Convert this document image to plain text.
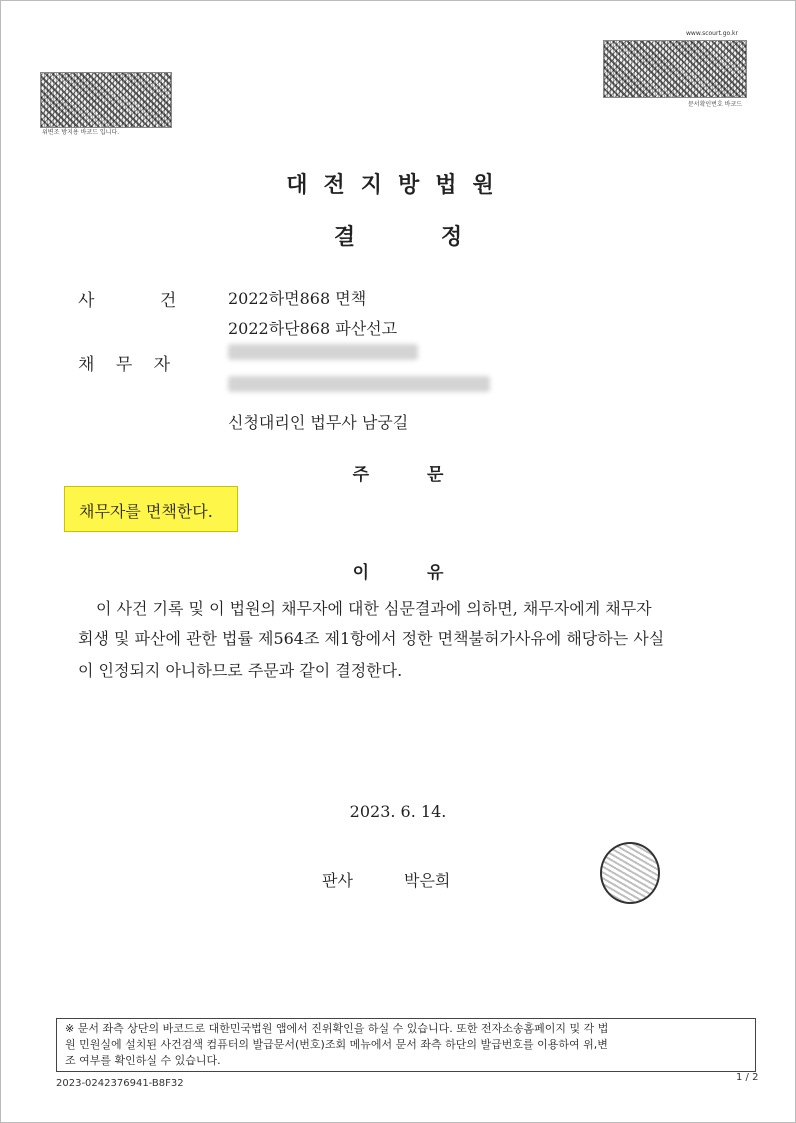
위변조 방지용 바코드 입니다.
www.scourt.go.kr
문서확인번호 바코드
대전지방법원
결 정
사 건	2022하면868 면책
2022하단868 파산선고
채 무 자
신청대리인 법무사 남궁길
주 문
채무자를 면책한다.
이 유
이 사건 기록 및 이 법원의 채무자에 대한 심문결과에 의하면, 채무자에게 채무자
회생 및 파산에 관한 법률 제564조 제1항에서 정한 면책불허가사유에 해당하는 사실
이 인정되지 아니하므로 주문과 같이 결정한다.
2023. 6. 14.
판사	박은희
※ 문서 좌측 상단의 바코드로 대한민국법원 앱에서 진위확인을 하실 수 있습니다. 또한 전자소송홈페이지 및 각 법
원 민원실에 설치된 사건검색 컴퓨터의 발급문서(번호)조회 메뉴에서 문서 좌측 하단의 발급번호를 이용하여 위,변
조 여부를 확인하실 수 있습니다.
2023-0242376941-B8F32
1 / 2
